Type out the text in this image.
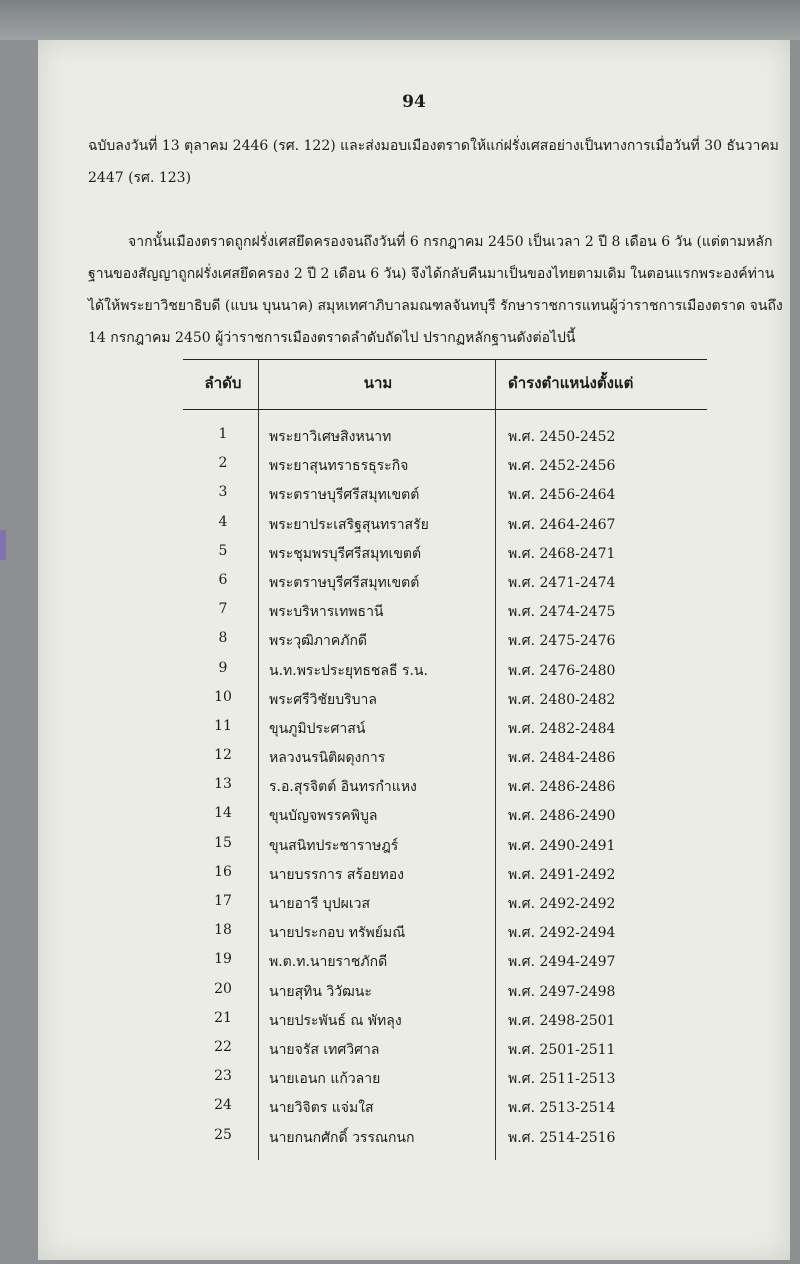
94

ฉบับลงวันที่ 13 ตุลาคม 2446 (รศ. 122) และส่งมอบเมืองตราดให้แก่ฝรั่งเศสอย่างเป็นทางการเมื่อวันที่ 30 ธันวาคม 2447 (รศ. 123)

จากนั้นเมืองตราดถูกฝรั่งเศสยึดครองจนถึงวันที่ 6 กรกฎาคม 2450 เป็นเวลา 2 ปี 8 เดือน 6 วัน (แต่ตามหลักฐานของสัญญาถูกฝรั่งเศสยึดครอง 2 ปี 2 เดือน 6 วัน) จึงได้กลับคืนมาเป็นของไทยตามเดิม ในตอนแรกพระองค์ท่านได้ให้พระยาวิชยาธิบดี (แบน บุนนาค) สมุหเทศาภิบาลมณฑลจันทบุรี รักษาราชการแทนผู้ว่าราชการเมืองตราด จนถึง 14 กรกฎาคม 2450 ผู้ว่าราชการเมืองตราดลำดับถัดไป ปรากฏหลักฐานดังต่อไปนี้

ลำดับ	นาม	ดำรงตำแหน่งตั้งแต่
1	พระยาวิเศษสิงหนาท	พ.ศ. 2450-2452
2	พระยาสุนทราธรธุระกิจ	พ.ศ. 2452-2456
3	พระตราษบุรีศรีสมุทเขตต์	พ.ศ. 2456-2464
4	พระยาประเสริฐสุนทราสรัย	พ.ศ. 2464-2467
5	พระชุมพรบุรีศรีสมุทเขตต์	พ.ศ. 2468-2471
6	พระตราษบุรีศรีสมุทเขตต์	พ.ศ. 2471-2474
7	พระบริหารเทพธานี	พ.ศ. 2474-2475
8	พระวุฒิภาคภักดี	พ.ศ. 2475-2476
9	น.ท.พระประยุทธชลธี ร.น.	พ.ศ. 2476-2480
10	พระศรีวิชัยบริบาล	พ.ศ. 2480-2482
11	ขุนภูมิประศาสน์	พ.ศ. 2482-2484
12	หลวงนรนิติผดุงการ	พ.ศ. 2484-2486
13	ร.อ.สุรจิตต์ อินทรกำแหง	พ.ศ. 2486-2486
14	ขุนบัญจพรรคพิบูล	พ.ศ. 2486-2490
15	ขุนสนิทประชาราษฎร์	พ.ศ. 2490-2491
16	นายบรรการ สร้อยทอง	พ.ศ. 2491-2492
17	นายอารี บุปผเวส	พ.ศ. 2492-2492
18	นายประกอบ ทรัพย์มณี	พ.ศ. 2492-2494
19	พ.ต.ท.นายราชภักดี	พ.ศ. 2494-2497
20	นายสุทิน วิวัฒนะ	พ.ศ. 2497-2498
21	นายประพันธ์ ณ พัทลุง	พ.ศ. 2498-2501
22	นายจรัส เทศวิศาล	พ.ศ. 2501-2511
23	นายเอนก แก้วลาย	พ.ศ. 2511-2513
24	นายวิจิตร แจ่มใส	พ.ศ. 2513-2514
25	นายกนกศักดิ์ วรรณกนก	พ.ศ. 2514-2516
